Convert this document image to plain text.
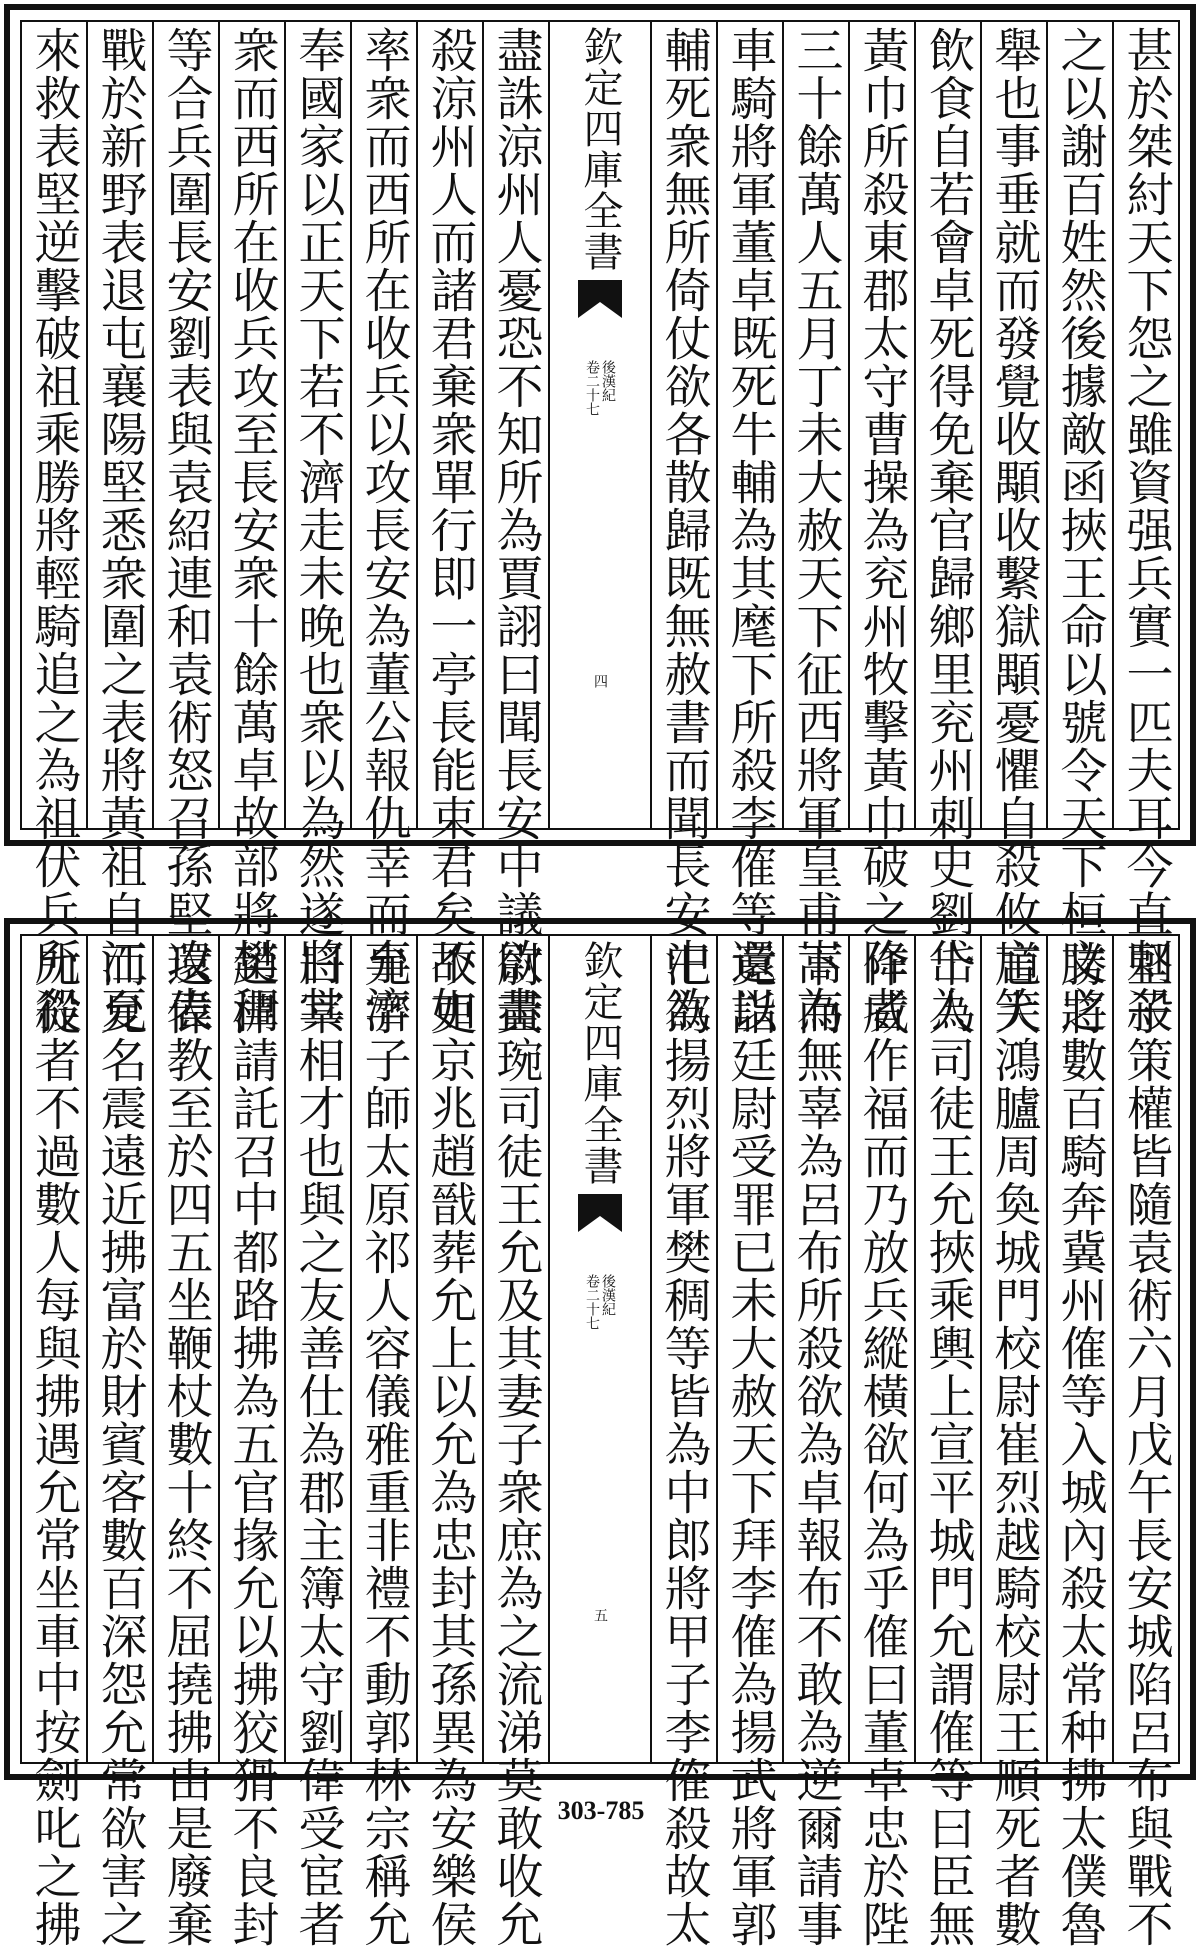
甚於桀紂天下怨之雖資强兵實一匹夫耳今直刺殺
之以謝百姓然後據敵函挾王命以號令天下桓文之
舉也事垂就而發覺收顒收繫獄顒憂懼自殺攸言笑
飲食自若會卓死得免棄官歸鄉里兖州刺史劉岱為
黃巾所殺東郡太守曹操為兖州牧擊黃巾破之降者
三十餘萬人五月丁未大赦天下征西將軍皇甫嵩為
車騎將軍董卓既死牛輔為其麾下所殺李傕等還以
輔死衆無所倚仗欲各散歸既無赦書而聞長安中欲
欽定四庫全書
後漢紀
卷二十七
四
盡誅涼州人憂恐不知所為賈詡曰聞長安中議欲盡
殺涼州人而諸君棄衆單行即一亭長能束君矣不如
率衆而西所在收兵以攻長安為董公報仇幸而事濟
奉國家以正天下若不濟走未晚也衆以為然遂將其
衆而西所在收兵攻至長安衆十餘萬卓故部將樊稠
等合兵圍長安劉表與袁紹連和袁術怒召孫堅攻表
戰於新野表退屯襄陽堅悉衆圍之表將黃祖自江夏
來救表堅逆擊破祖乘勝將輕騎追之為祖伏兵所殺
堅子策權皆隨袁術六月戊午長安城陷呂布與戰不
勝將數百騎奔冀州傕等入城內殺太常种拂太僕魯
馗大鴻臚周奐城門校尉崔烈越騎校尉王順死者數
十人司徒王允挾乘輿上宣平城門允謂傕等曰臣無
作威作福而乃放兵縱橫欲何為乎傕曰董卓忠於陛
下而無辜為呂布所殺欲為卓報布不敢為逆爾請事
竟詣廷尉受罪已未大赦天下拜李傕為揚武將軍郭
汜為揚烈將軍樊稠等皆為中郎將甲子李傕殺故太
欽定四庫全書
後漢紀
卷二十七
五
尉黃琬司徒王允及其妻子衆庶為之流涕莫敢收允
故吏京兆趙戩葬允上以允為忠封其孫異為安樂侯
允字子師太原祁人容儀雅重非禮不動郭林宗稱允
曰宰相才也與之友善仕為郡主簿太守劉偉受宦者
趙津請託召中都路拂為五官掾允以拂狡猾不良封
還偉教至於四五坐鞭杖數十終不屈撓拂由是廢棄
而允名震遠近拂富於財賓客數百深怨允常欲害之
允從者不過數人每與拂遇允常坐車中按劍叱之拂	303-785
